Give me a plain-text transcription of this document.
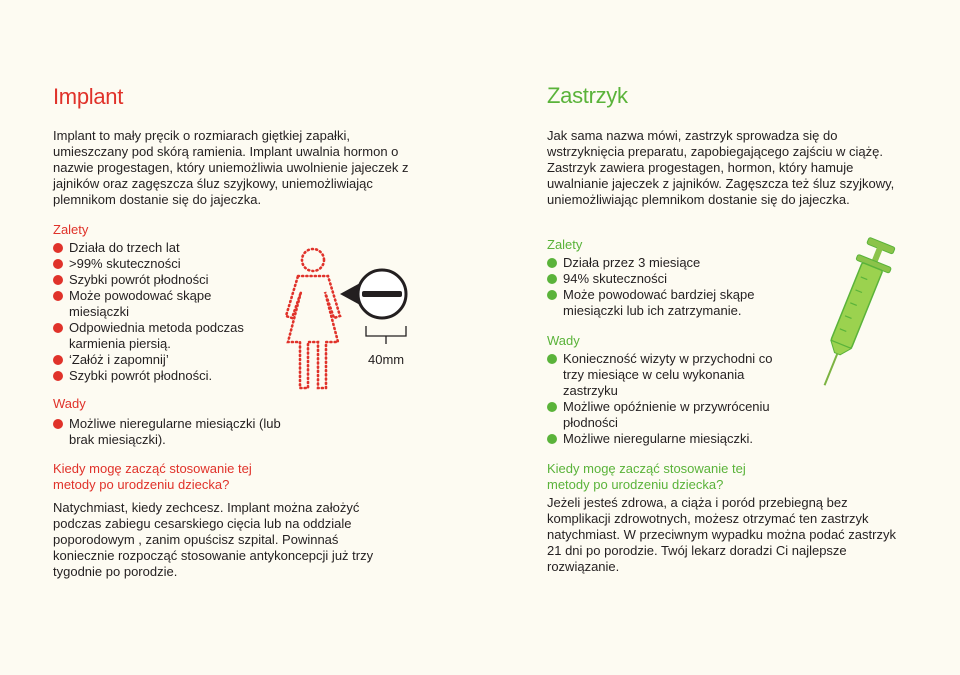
Implant

Implant to mały pręcik o rozmiarach giętkiej zapałki, umieszczany pod skórą ramienia. Implant uwalnia hormon o nazwie progestagen, który uniemożliwia uwolnienie jajeczek z jajników oraz zagęszcza śluz szyjkowy, uniemożliwiając plemnikom dostanie się do jajeczka.

Zalety
Działa do trzech lat
>99% skuteczności
Szybki powrót płodności
Może powodować skąpe miesiączki
Odpowiednia metoda podczas karmienia piersią.
‘Załóż i zapomnij’
Szybki powrót płodności.
Wady
Możliwe nieregularne miesiączki (lub brak miesiączki).
Kiedy mogę zacząć stosowanie tej metody po urodzeniu dziecka?

Natychmiast, kiedy zechcesz. Implant można założyć podczas zabiegu cesarskiego cięcia lub na oddziale poporodowym , zanim opuścisz szpital. Powinnaś koniecznie rozpocząć stosowanie antykoncepcji już trzy tygodnie po porodzie.

40mm
Zastrzyk

Jak sama nazwa mówi, zastrzyk sprowadza się do wstrzyknięcia preparatu, zapobiegającego zajściu w ciążę. Zastrzyk zawiera progestagen, hormon, który hamuje uwalnianie jajeczek z jajników. Zagęszcza też śluz szyjkowy, uniemożliwiając plemnikom dostanie się do jajeczka.

Zalety
Działa przez 3 miesiące
94% skuteczności
Może powodować bardziej skąpe miesiączki lub ich zatrzymanie.
Wady
Konieczność wizyty w przychodni co trzy miesiące w celu wykonania zastrzyku
Możliwe opóźnienie w przywróceniu płodności
Możliwe nieregularne miesiączki.
Kiedy mogę zacząć stosowanie tej metody po urodzeniu dziecka?

Jeżeli jesteś zdrowa, a ciąża i poród przebiegną bez komplikacji zdrowotnych, możesz otrzymać ten zastrzyk natychmiast. W przeciwnym wypadku można podać zastrzyk 21 dni po porodzie. Twój lekarz doradzi Ci najlepsze rozwiązanie.
